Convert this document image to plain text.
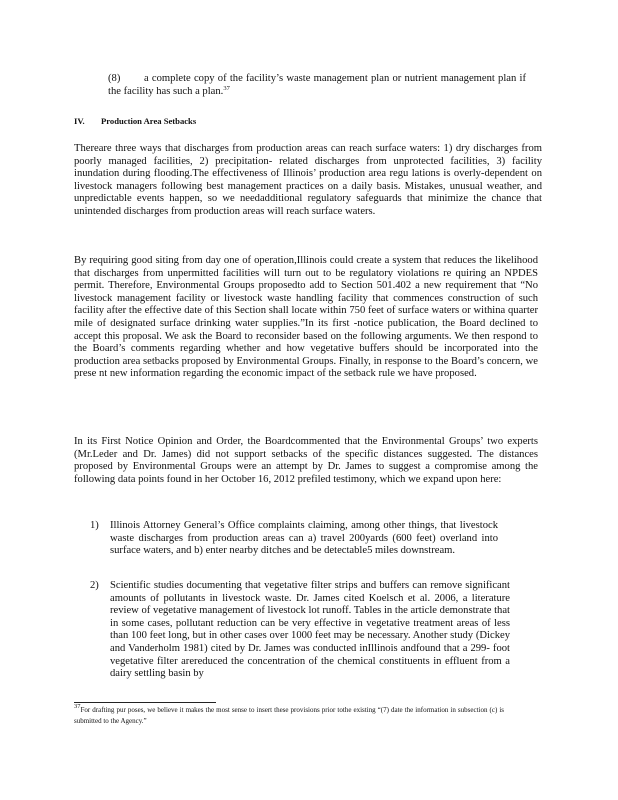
(8)	a complete copy of the facility’s waste management plan or nutrient management plan if the facility has such a plan.$^{37}$
IV. Production Area Setbacks
Thereare three ways that discharges from production areas can reach surface waters: 1) dry discharges from poorly managed facilities, 2) precipitation- related discharges from unprotected facilities, 3) facility inundation during flooding.The effectiveness of Illinois’ production area regu lations is overly-dependent on livestock managers following best management practices on a daily basis. Mistakes, unusual weather, and unpredictable events happen, so we needadditional regulatory safeguards that minimize the chance that unintended discharges from production areas will reach surface waters.
By requiring good siting from day one of operation,Illinois could create a system that reduces the likelihood that discharges from unpermitted facilities will turn out to be regulatory violations re quiring an NPDES permit. Therefore, Environmental Groups proposedto add to Section 501.402 a new requirement that “No livestock management facility or livestock waste handling facility that commences construction of such facility after the effective date of this Section shall locate within 750 feet of surface waters or withina quarter mile of designated surface drinking water supplies.”In its first -notice publication, the Board declined to accept this proposal. We ask the Board to reconsider based on the following arguments. We then respond to the Board’s comments regarding whether and how vegetative buffers should be incorporated into the production area setbacks proposed by Environmental Groups. Finally, in response to the Board’s concern, we prese nt new information regarding the economic impact of the setback rule we have proposed.
In its First Notice Opinion and Order, the Boardcommented that the Environmental Groups’ two experts (Mr.Leder and Dr. James) did not support setbacks of the specific distances suggested. The distances proposed by Environmental Groups were an attempt by Dr. James to suggest a compromise among the following data points found in her October 16, 2012 prefiled testimony, which we expand upon here:
1) Illinois Attorney General’s Office complaints claiming, among other things, that livestock waste discharges from production areas can a) travel 200yards (600 feet) overland into surface waters, and b) enter nearby ditches and be detectable5 miles downstream.
2) Scientific studies documenting that vegetative filter strips and buffers can remove significant amounts of pollutants in livestock waste. Dr. James cited Koelsch et al. 2006, a literature review of vegetative management of livestock lot runoff. Tables in the article demonstrate that in some cases, pollutant reduction can be very effective in vegetative treatment areas of less than 100 feet long, but in other cases over 1000 feet may be necessary. Another study (Dickey and Vanderholm 1981) cited by Dr. James was conducted inIllinois andfound that a 299- foot vegetative filter arereduced the concentration of the chemical constituents in effluent from a dairy settling basin by
$^{37}$For drafting pur poses, we believe it makes the most sense to insert these provisions prior tothe existing “(7) date the information in subsection (c) is submitted to the Agency.”
